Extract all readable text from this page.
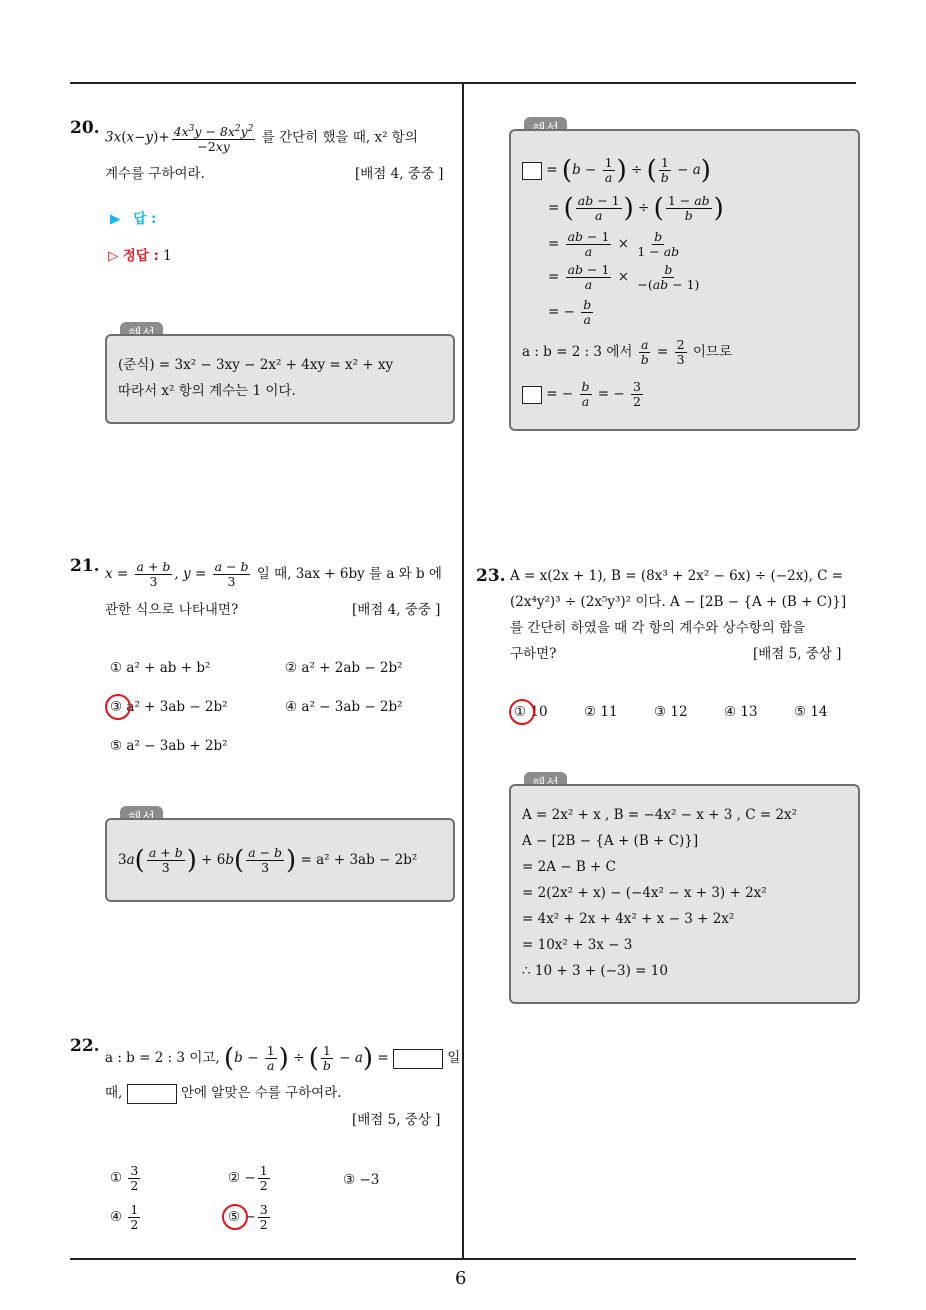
6
20. $3x(x-y)+ \frac{4x^3y - 8x^2y^2}{-2xy}$ 를 간단히 했을 때, x² 항의
계수를 구하여라.	[배점 4, 중중 ]
▶ 답 :
▷ 정답 : 1
(준식) = 3x² − 3xy − 2x² + 4xy = x² + xy
따라서 x² 항의 계수는 1 이다.
21. $x = \frac{a + b}{3}$ , $y = \frac{a - b}{3}$ 일 때, 3ax + 6by 를 a 와 b 에
관한 식으로 나타내면?	[배점 4, 중중 ]
① a² + ab + b²	② a² + 2ab − 2b²
③ a² + 3ab − 2b²	④ a² − 3ab − 2b²
⑤ a² − 3ab + 2b²
$3a( \frac{a + b}{3}$ ) + $6b( \frac{a - b}{3}$ ) = a² + 3ab − 2b²
22.
a : b = 2 : 3 이고, ($b - \frac{1}{a}$ ) ÷ ( $\frac{1}{b} - a$) =	일
때,	안에 알맞은 수를 구하여라.
[배점 5, 중상 ]
① $\frac{3}{2}$	② − $\frac{1}{2}$	③ −3
④ $\frac{1}{2}$	⑤ − $\frac{3}{2}$
= ($b - \frac{1}{a}$ ) ÷ ( $\frac{1}{b} - a$)
= ( $\frac{ab - 1}{a}$ ) ÷ ( $\frac{1 - ab}{b}$ )
= $\frac{ab - 1}{a} \times \frac{b}{1 - ab}$
= $\frac{ab - 1}{a} \times \frac{b}{-(ab - 1)}$
= − $\frac{b}{a}$
a : b = 2 : 3 에서 $\frac{a}{b} = \frac{2}{3}$ 이므로
= − $\frac{b}{a}$ = − $\frac{3}{2}$
23. A = x(2x + 1), B = (8x³ + 2x² − 6x) ÷ (−2x), C =
(2x⁴y²)³ ÷ (2x⁵y³)² 이다. A − [2B − {A + (B + C)}]
를 간단히 하였을 때 각 항의 계수와 상수항의 합을
구하면?	[배점 5, 중상 ]
① 10	② 11	③ 12	④ 13	⑤ 14
A = 2x² + x , B = −4x² − x + 3 , C = 2x²
A − [2B − {A + (B + C)}]
= 2A − B + C
= 2(2x² + x) − (−4x² − x + 3) + 2x²
= 4x² + 2x + 4x² + x − 3 + 2x²
= 10x² + 3x − 3
∴ 10 + 3 + (−3) = 10
